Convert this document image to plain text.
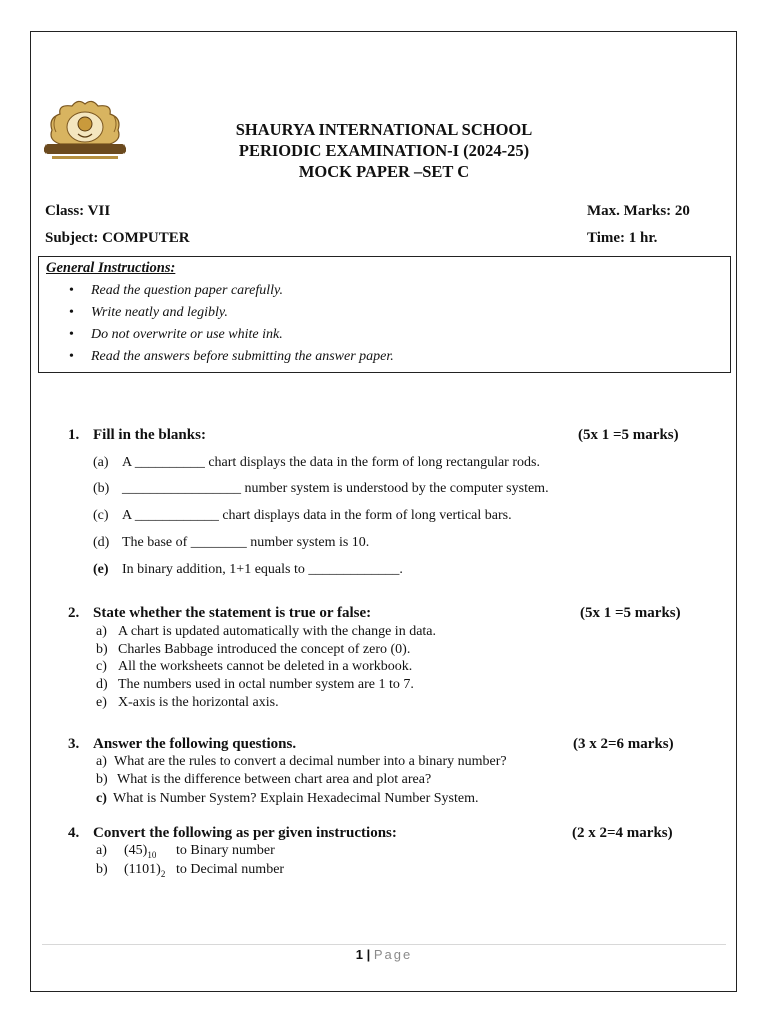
SHAURYA INTERNATIONAL SCHOOL
PERIODIC EXAMINATION-I (2024-25)
MOCK PAPER –SET C
Class: VII	Max. Marks: 20
Subject: COMPUTER	Time: 1 hr.
General Instructions:
• Read the question paper carefully.
• Write neatly and legibly.
• Do not overwrite or use white ink.
• Read the answers before submitting the answer paper.
1. Fill in the blanks:	(5x 1 =5 marks)
(a) A __________ chart displays the data in the form of long rectangular rods.
(b) _________________ number system is understood by the computer system.
(c) A ____________ chart displays data in the form of long vertical bars.
(d) The base of ________ number system is 10.
(e) In binary addition, 1+1 equals to _____________.
2. State whether the statement is true or false:	(5x 1 =5 marks)
a) A chart is updated automatically with the change in data.
b) Charles Babbage introduced the concept of zero (0).
c) All the worksheets cannot be deleted in a workbook.
d) The numbers used in octal number system are 1 to 7.
e) X-axis is the horizontal axis.
3. Answer the following questions.	(3 x 2=6 marks)
a) What are the rules to convert a decimal number into a binary number?
b) What is the difference between chart area and plot area?
c) What is Number System? Explain Hexadecimal Number System.
4. Convert the following as per given instructions:	(2 x 2=4 marks)
a) $(45)_{10}$ to Binary number
b) $(1101)_2$ to Decimal number
1 | Page
